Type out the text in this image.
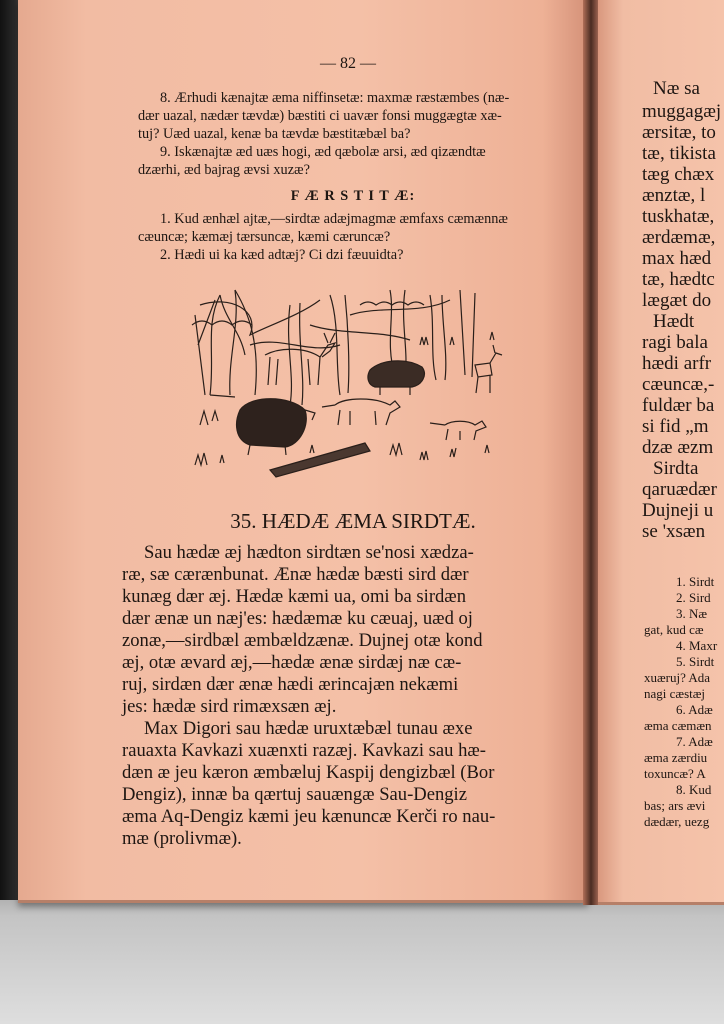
— 82 —
8. Ærhudi kænajtæ æma niffinsetæ: maxmæ ræstæmbes (næ-
dær uazal, nædær tævdæ) bæstiti ci uavær fonsi muggægtæ xæ-
tuj? Uæd uazal, kenæ ba tævdæ bæstitæbæl ba?
9. Iskænajtæ æd uæs hogi, æd qæbolæ arsi, æd qizændtæ
dzærhi, æd bajrag ævsi xuzæ?
F Æ R S T I T Æ:
1. Kud ænhæl ajtæ,—sirdtæ adæjmagmæ æmfaxs cæmænnæ
cæuncæ; kæmæj tærsuncæ, kæmi cæruncæ?
2. Hædi ui ka kæd adtæj? Ci dzi fæuuidta?
35. HÆDÆ ÆMA SIRDTÆ.
Sau hædæ æj hædton sirdtæn se'nosi xædza-
ræ, sæ cærænbunat. Ænæ hædæ bæsti sird dær
kunæg dær æj. Hædæ kæmi ua, omi ba sirdæn
dær ænæ un næj'es: hædæmæ ku cæuaj, uæd oj
zonæ,—sirdbæl æmbældzænæ. Dujnej otæ kond
æj, otæ ævard æj,—hædæ ænæ sirdæj næ cæ-
ruj, sirdæn dær ænæ hædi ærincajæn nekæmi
jes: hædæ sird rimæxsæn æj.
Max Digori sau hædæ uruxtæbæl tunau æxe
rauaxta Kavkazi xuænxti razæj. Kavkazi sau hæ-
dæn æ jeu kæron æmbæluj Kaspij dengizbæl (Bor
Dengiz), innæ ba qærtuj sauængæ Sau-Dengiz
æma Aq-Dengiz kæmi jeu kænuncæ Kerči ro nau-
mæ (prolivmæ).
Næ sa
muggagæj
ærsitæ, to
tæ, tikista
tæg chæx
ænztæ, l
tuskhatæ,
ærdæmæ,
max hæd
tæ, hædtc
lægæt do
Hædt
ragi bala
hædi arfr
cæuncæ,-
fuldær ba
si fid „m
dzæ æzm
Sirdta
qaruædær
Dujneji u
se 'xsæn
1. Sirdt
2. Sird
3. Næ
gat, kud cæ
4. Maxr
5. Sirdt
xuæruj? Ada
nagi cæstæj
6. Adæ
æma cæmæn
7. Adæ
æma zærdiu
toxuncæ? A
8. Kud
bas; ars ævi
dædær, uezg
